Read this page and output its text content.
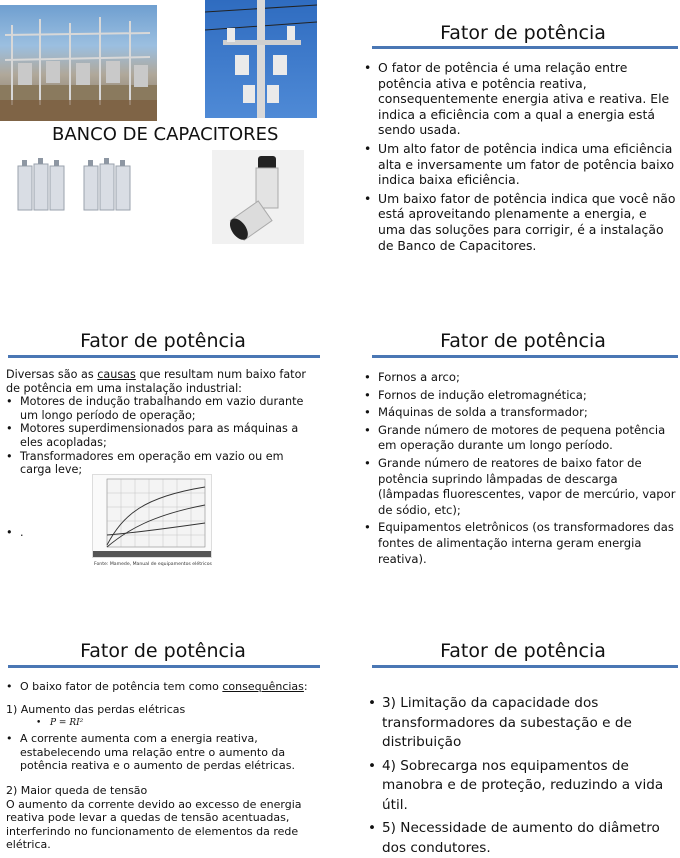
Fator de potência
BANCO DE CAPACITORES
• O fator de potência é uma relação entre potência ativa e potência reativa, consequentemente energia ativa e reativa. Ele indica a eficiência com a qual a energia está sendo usada.
• Um alto fator de potência indica uma eficiência alta e inversamente um fator de potência baixo indica baixa eficiência.
• Um baixo fator de potência indica que você não está aproveitando plenamente a energia, e uma das soluções para corrigir, é a instalação de Banco de Capacitores.
Fator de potência
Diversas são as causas que resultam num baixo fator de potência em uma instalação industrial:
• Motores de indução trabalhando em vazio durante um longo período de operação;
• Motores superdimensionados para as máquinas a eles acopladas;
• Transformadores em operação em vazio ou em carga leve;
Fonte: Mamede, Manual de equipamentos elétricos
• .
Fator de potência
• Fornos a arco;
• Fornos de indução eletromagnética;
• Máquinas de solda a transformador;
• Grande número de motores de pequena potência em operação durante um longo período.
• Grande número de reatores de baixo fator de potência suprindo lâmpadas de descarga (lâmpadas fluorescentes, vapor de mercúrio, vapor de sódio, etc);
• Equipamentos eletrônicos (os transformadores das fontes de alimentação interna geram energia reativa).
Fator de potência
• O baixo fator de potência tem como consequências:
1) Aumento das perdas elétricas
• P = RI²
• A corrente aumenta com a energia reativa, estabelecendo uma relação entre o aumento da potência reativa e o aumento de perdas elétricas.
2) Maior queda de tensão
O aumento da corrente devido ao excesso de energia reativa pode levar a quedas de tensão acentuadas, interferindo no funcionamento de elementos da rede elétrica.
Fator de potência
• 3) Limitação da capacidade dos transformadores da subestação e de distribuição
• 4) Sobrecarga nos equipamentos de manobra e de proteção, reduzindo a vida útil.
• 5) Necessidade de aumento do diâmetro dos condutores.
